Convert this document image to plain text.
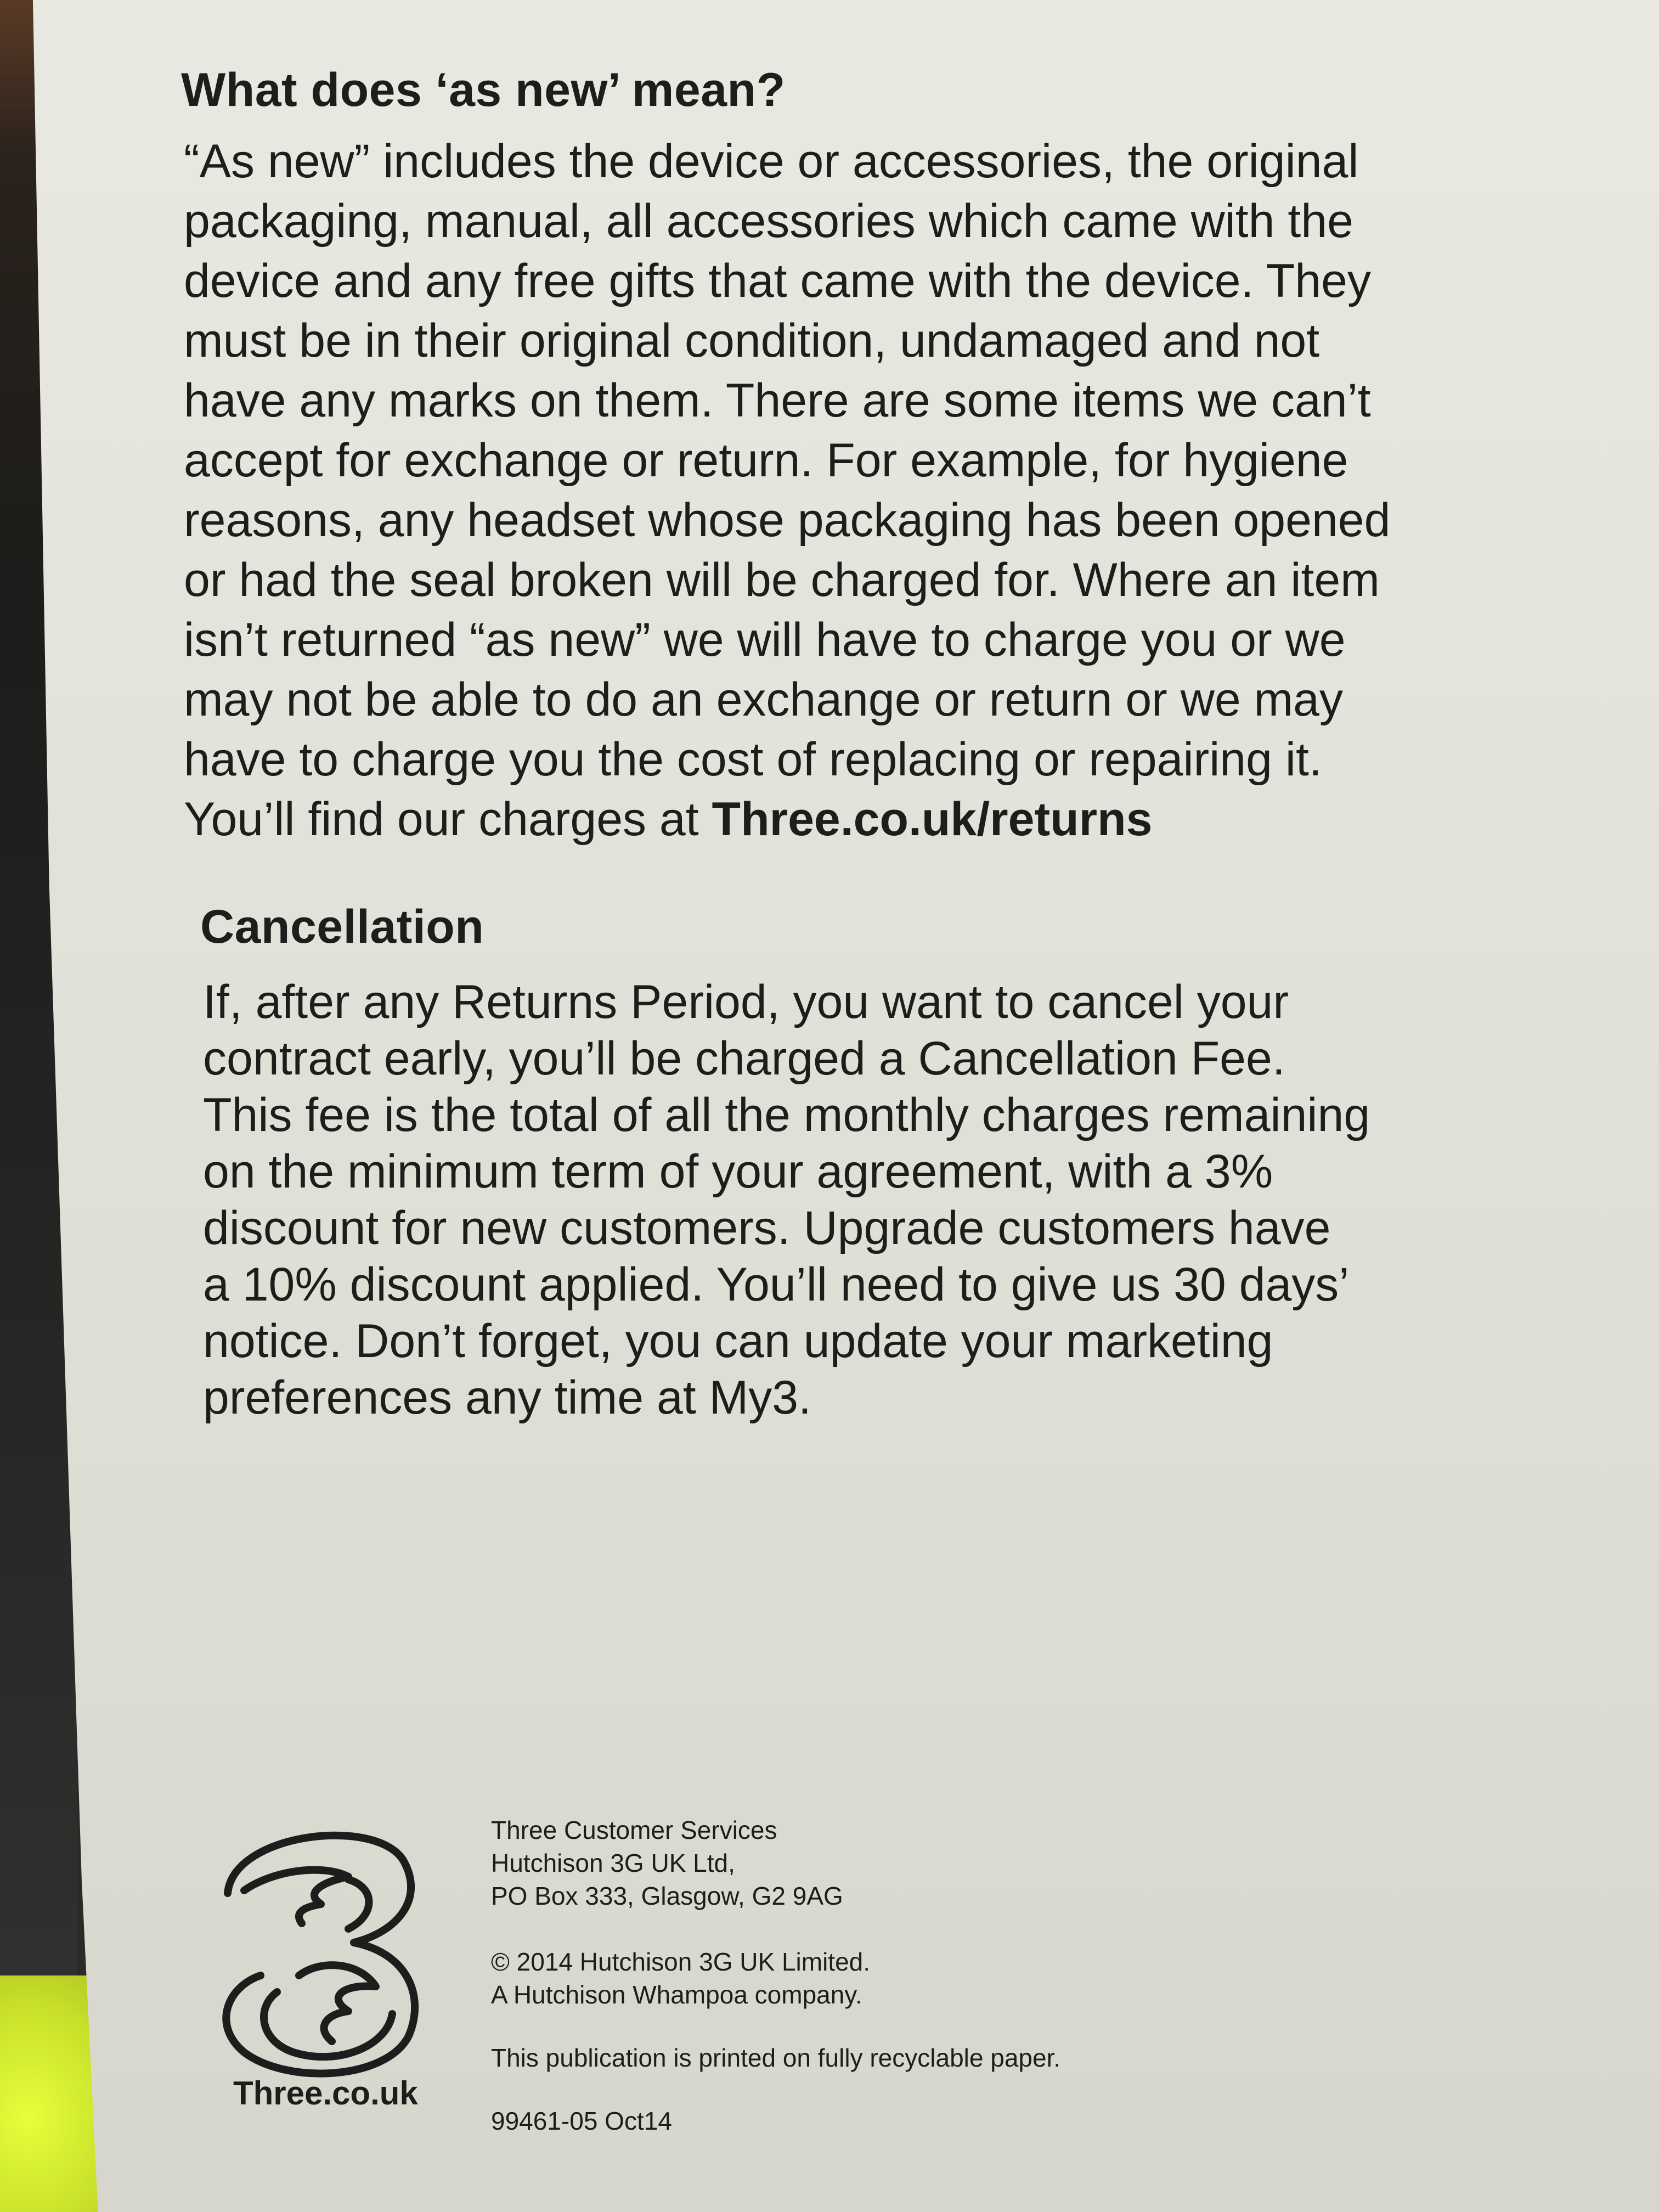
What does ‘as new’ mean?

“As new” includes the device or accessories, the original
packaging, manual, all accessories which came with the
device and any free gifts that came with the device. They
must be in their original condition, undamaged and not
have any marks on them. There are some items we can’t
accept for exchange or return. For example, for hygiene
reasons, any headset whose packaging has been opened
or had the seal broken will be charged for. Where an item
isn’t returned “as new” we will have to charge you or we
may not be able to do an exchange or return or we may
have to charge you the cost of replacing or repairing it.
You’ll find our charges at Three.co.uk/returns

Cancellation

If, after any Returns Period, you want to cancel your
contract early, you’ll be charged a Cancellation Fee.
This fee is the total of all the monthly charges remaining
on the minimum term of your agreement, with a 3%
discount for new customers. Upgrade customers have
a 10% discount applied. You’ll need to give us 30 days’
notice. Don’t forget, you can update your marketing
preferences any time at My3.

Three.co.uk
Three Customer Services
Hutchison 3G UK Ltd,
PO Box 333, Glasgow, G2 9AG
© 2014 Hutchison 3G UK Limited.
A Hutchison Whampoa company.
This publication is printed on fully recyclable paper.
99461-05 Oct14
